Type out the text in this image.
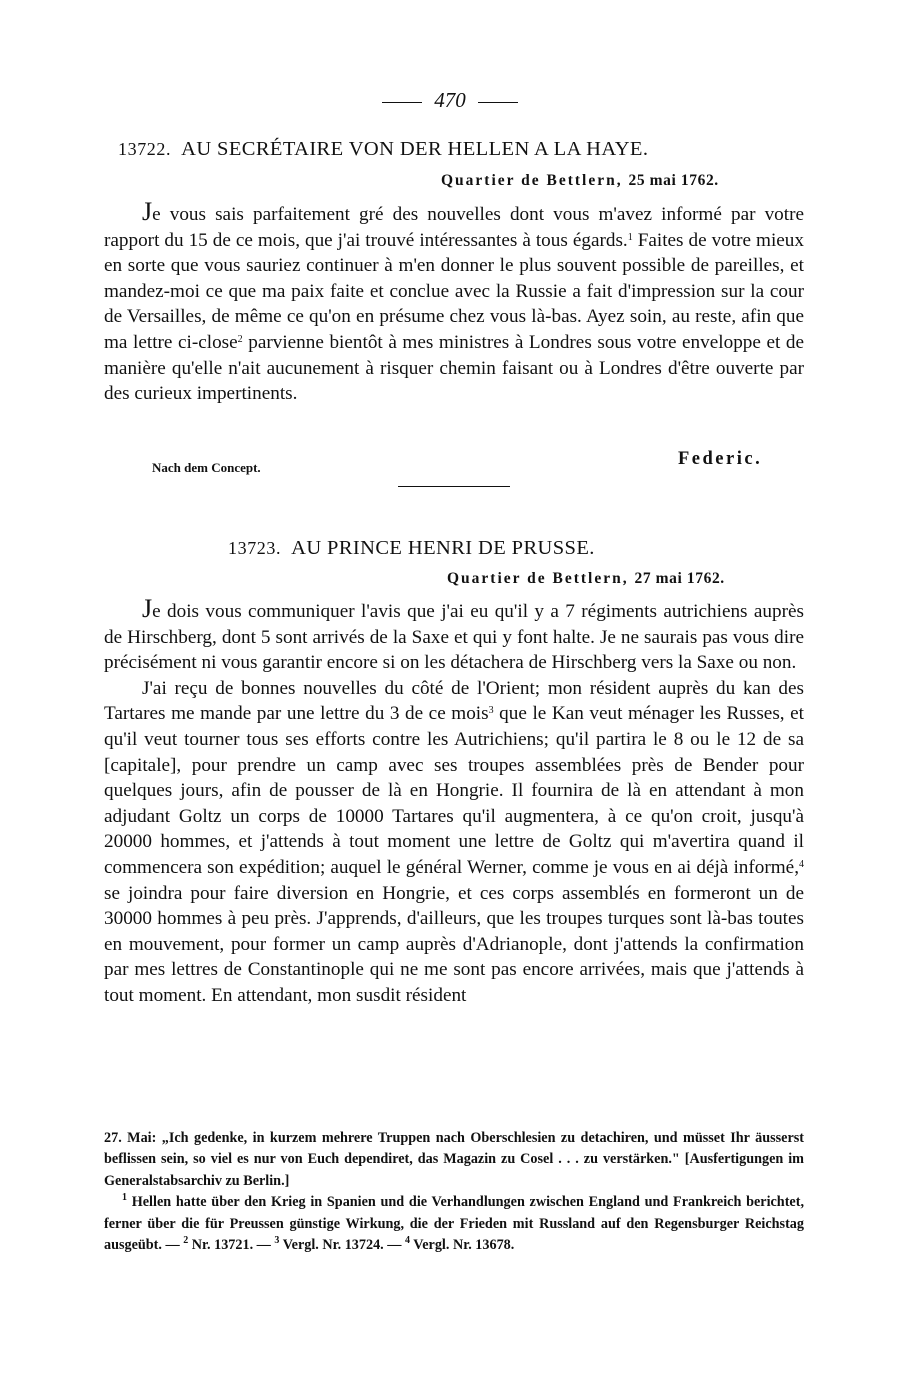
470
13722. AU SECRÉTAIRE VON DER HELLEN A LA HAYE.
Quartier de Bettlern, 25 mai 1762.

Je vous sais parfaitement gré des nouvelles dont vous m'avez informé par votre rapport du 15 de ce mois, que j'ai trouvé intéressantes à tous égards.$^1$ Faites de votre mieux en sorte que vous sauriez continuer à m'en donner le plus souvent possible de pareilles, et mandez-moi ce que ma paix faite et conclue avec la Russie a fait d'impression sur la cour de Versailles, de même ce qu'on en présume chez vous là-bas. Ayez soin, au reste, afin que ma lettre ci-close$^2$ parvienne bientôt à mes ministres à Londres sous votre enveloppe et de manière qu'elle n'ait aucunement à risquer chemin faisant ou à Londres d'être ouverte par des curieux impertinents.

Nach dem Concept.	Federic.
13723. AU PRINCE HENRI DE PRUSSE.
Quartier de Bettlern, 27 mai 1762.

Je dois vous communiquer l'avis que j'ai eu qu'il y a 7 régiments autrichiens auprès de Hirschberg, dont 5 sont arrivés de la Saxe et qui y font halte. Je ne saurais pas vous dire précisément ni vous garantir encore si on les détachera de Hirschberg vers la Saxe ou non.

J'ai reçu de bonnes nouvelles du côté de l'Orient; mon résident auprès du kan des Tartares me mande par une lettre du 3 de ce mois$^3$ que le Kan veut ménager les Russes, et qu'il veut tourner tous ses efforts contre les Autrichiens; qu'il partira le 8 ou le 12 de sa [capitale], pour prendre un camp avec ses troupes assemblées près de Bender pour quelques jours, afin de pousser de là en Hongrie. Il fournira de là en attendant à mon adjudant Goltz un corps de 10000 Tartares qu'il augmentera, à ce qu'on croit, jusqu'à 20000 hommes, et j'attends à tout moment une lettre de Goltz qui m'avertira quand il commencera son expédition; auquel le général Werner, comme je vous en ai déjà informé,$^4$ se joindra pour faire diversion en Hongrie, et ces corps assemblés en formeront un de 30000 hommes à peu près. J'apprends, d'ailleurs, que les troupes turques sont là-bas toutes en mouvement, pour former un camp auprès d'Adrianople, dont j'attends la confirmation par mes lettres de Constantinople qui ne me sont pas encore arrivées, mais que j'attends à tout moment. En attendant, mon susdit résident

27. Mai: „Ich gedenke, in kurzem mehrere Truppen nach Oberschlesien zu detachiren, und müsset Ihr äusserst beflissen sein, so viel es nur von Euch dependiret, das Magazin zu Cosel . . . zu verstärken." [Ausfertigungen im Generalstabsarchiv zu Berlin.]

$^1$ Hellen hatte über den Krieg in Spanien und die Verhandlungen zwischen England und Frankreich berichtet, ferner über die für Preussen günstige Wirkung, die der Frieden mit Russland auf den Regensburger Reichstag ausgeübt. — $^2$ Nr. 13721. — $^3$ Vergl. Nr. 13724. — $^4$ Vergl. Nr. 13678.
